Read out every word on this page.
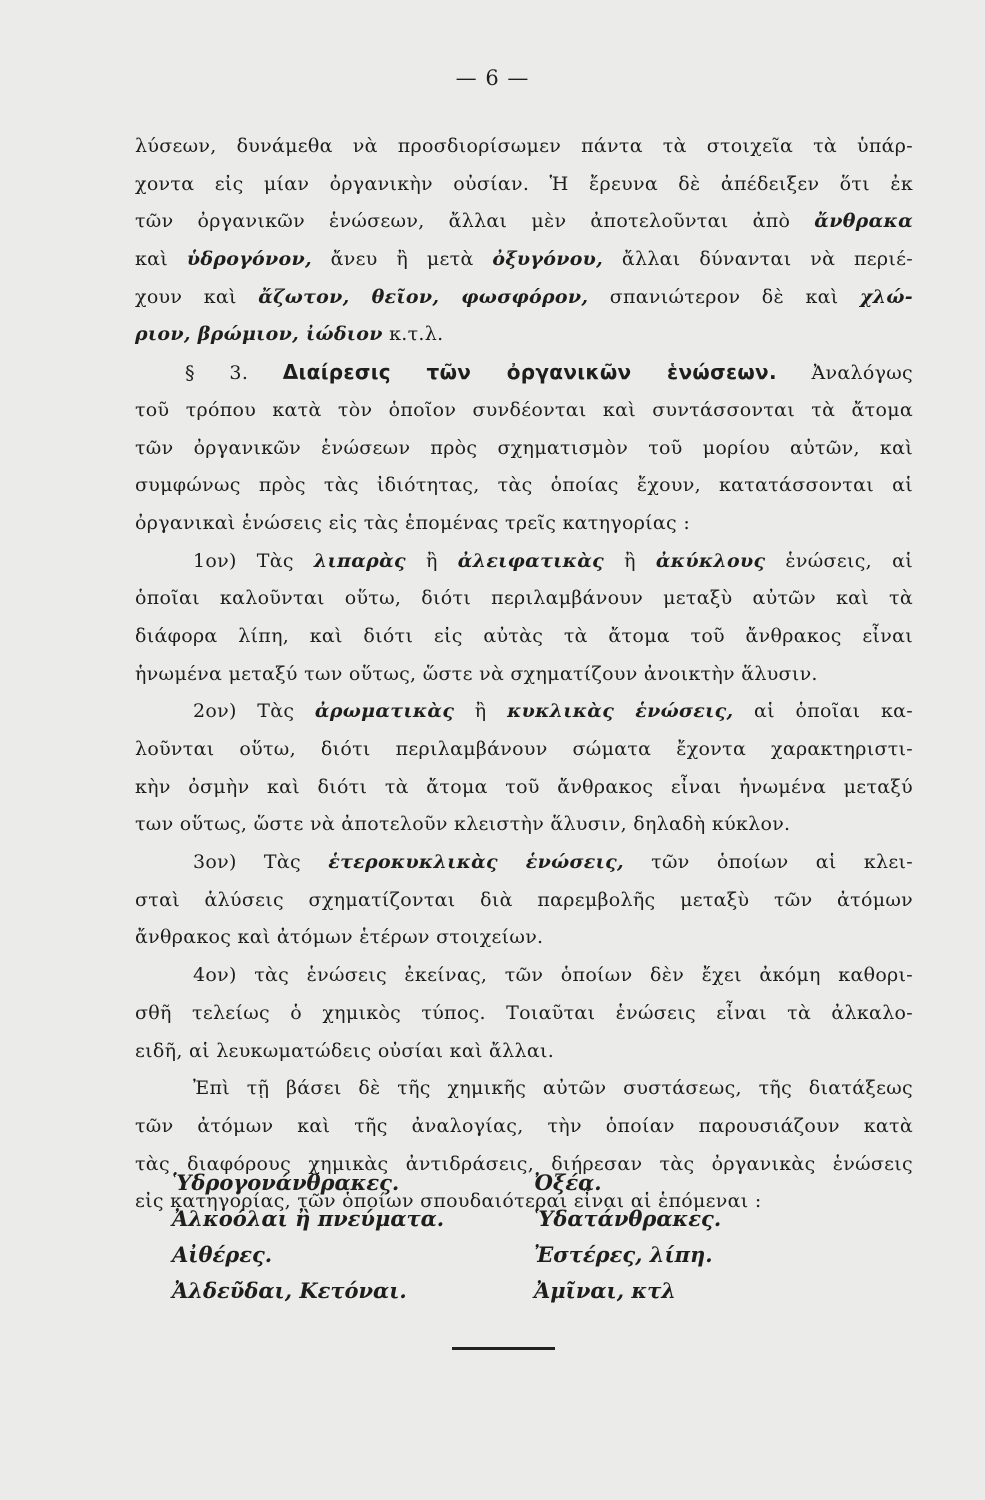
— 6 —
λύσεων, δυνάμεθα νὰ προσδιορίσωμεν πάντα τὰ στοιχεῖα τὰ ὑπάρ-
χοντα εἰς μίαν ὀργανικὴν οὐσίαν. Ἡ ἔρευνα δὲ ἀπέδειξεν ὅτι ἐκ
τῶν ὀργανικῶν ἑνώσεων, ἄλλαι μὲν ἀποτελοῦνται ἀπὸ ἄνθρακα
καὶ ὑδρογόνον, ἄνευ ἢ μετὰ ὀξυγόνου, ἄλλαι δύνανται νὰ περιέ-
χουν καὶ ἄζωτον, θεῖον, φωσφόρον, σπανιώτερον δὲ καὶ χλώ-
ριον, βρώμιον, ἰώδιον κ.τ.λ.
§ 3. Διαίρεσις τῶν ὀργανικῶν ἑνώσεων. Ἀναλόγως
τοῦ τρόπου κατὰ τὸν ὁποῖον συνδέονται καὶ συντάσσονται τὰ ἄτομα
τῶν ὀργανικῶν ἑνώσεων πρὸς σχηματισμὸν τοῦ μορίου αὐτῶν, καὶ
συμφώνως πρὸς τὰς ἰδιότητας, τὰς ὁποίας ἔχουν, κατατάσσονται αἱ
ὀργανικαὶ ἑνώσεις εἰς τὰς ἑπομένας τρεῖς κατηγορίας :
1ον) Τὰς λιπαρὰς ἢ ἀλειφατικὰς ἢ ἀκύκλους ἑνώσεις, αἱ
ὁποῖαι καλοῦνται οὕτω, διότι περιλαμβάνουν μεταξὺ αὐτῶν καὶ τὰ
διάφορα λίπη, καὶ διότι εἰς αὐτὰς τὰ ἄτομα τοῦ ἄνθρακος εἶναι
ἡνωμένα μεταξύ των οὕτως, ὥστε νὰ σχηματίζουν ἀνοικτὴν ἅλυσιν.
2ον) Τὰς ἀρωματικὰς ἢ κυκλικὰς ἑνώσεις, αἱ ὁποῖαι κα-
λοῦνται οὕτω, διότι περιλαμβάνουν σώματα ἔχοντα χαρακτηριστι-
κὴν ὀσμὴν καὶ διότι τὰ ἄτομα τοῦ ἄνθρακος εἶναι ἡνωμένα μεταξύ
των οὕτως, ὥστε νὰ ἀποτελοῦν κλειστὴν ἅλυσιν, δηλαδὴ κύκλον.
3ον) Τὰς ἑτεροκυκλικὰς ἑνώσεις, τῶν ὁποίων αἱ κλει-
σταὶ ἁλύσεις σχηματίζονται διὰ παρεμβολῆς μεταξὺ τῶν ἀτόμων
ἄνθρακος καὶ ἀτόμων ἑτέρων στοιχείων.
4ον) τὰς ἑνώσεις ἐκείνας, τῶν ὁποίων δὲν ἔχει ἀκόμη καθορι-
σθῆ τελείως ὁ χημικὸς τύπος. Τοιαῦται ἑνώσεις εἶναι τὰ ἀλκαλο-
ειδῆ, αἱ λευκωματώδεις οὐσίαι καὶ ἄλλαι.
Ἐπὶ τῇ βάσει δὲ τῆς χημικῆς αὐτῶν συστάσεως, τῆς διατάξεως
τῶν ἀτόμων καὶ τῆς ἀναλογίας, τὴν ὁποίαν παρουσιάζουν κατὰ
τὰς διαφόρους χημικὰς ἀντιδράσεις, διήρεσαν τὰς ὀργανικὰς ἑνώσεις
εἰς κατηγορίας, τῶν ὁποίων σπουδαιότεραι εἶναι αἱ ἑπόμεναι :
Ὑδρογονάνθρακες.	Ὀξέα.
Ἀλκοόλαι ἢ πνεύματα.	Ὑδατάνθρακες.
Αἰθέρες.	Ἐστέρες, λίπη.
Ἀλδεῦδαι, Κετόναι.	Ἀμῖναι, κτλ
